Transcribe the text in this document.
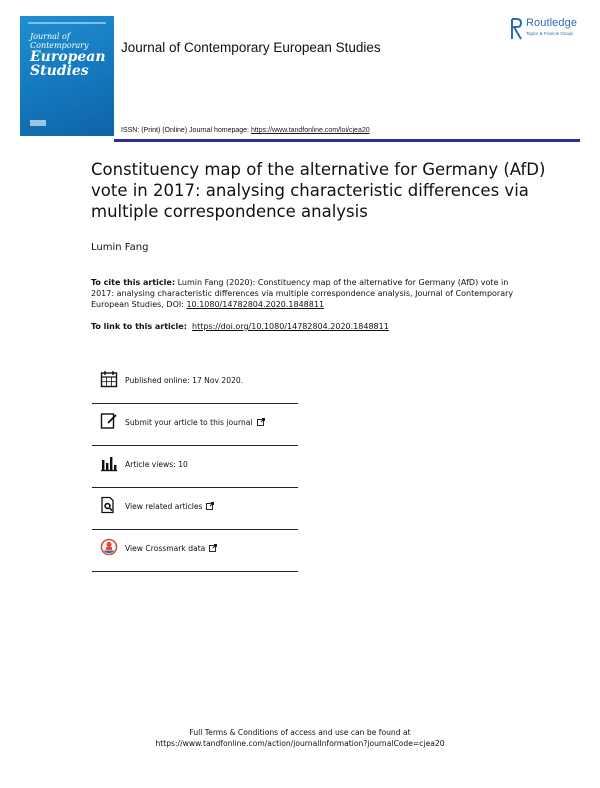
Journal of
Contemporary
European
Studies
Routledge
Taylor & Francis Group
Journal of Contemporary European Studies
ISSN: (Print) (Online) Journal homepage: https://www.tandfonline.com/loi/cjea20
Constituency map of the alternative for Germany (AfD) vote in 2017: analysing characteristic differences via multiple correspondence analysis
Lumin Fang
To cite this article: Lumin Fang (2020): Constituency map of the alternative for Germany (AfD) vote in 2017: analysing characteristic differences via multiple correspondence analysis, Journal of Contemporary European Studies, DOI: 10.1080/14782804.2020.1848811
To link to this article: https://doi.org/10.1080/14782804.2020.1848811
Published online: 17 Nov 2020.
Submit your article to this journal
Article views: 10
View related articles
View Crossmark data
Full Terms & Conditions of access and use can be found at
https://www.tandfonline.com/action/journalInformation?journalCode=cjea20
